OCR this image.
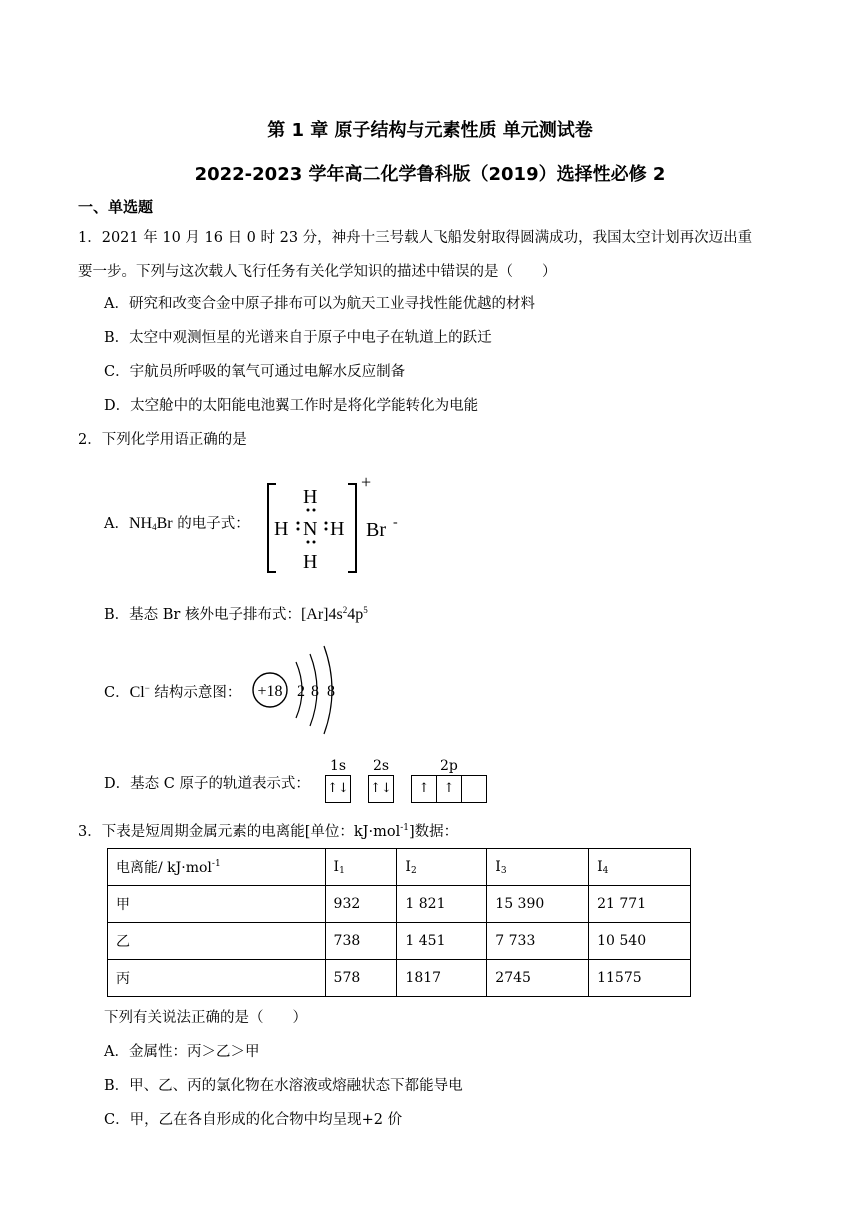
第 1 章 原子结构与元素性质 单元测试卷
2022-2023 学年高二化学鲁科版（2019）选择性必修 2
一、单选题
1．2021 年 10 月 16 日 0 时 23 分，神舟十三号载人飞船发射取得圆满成功，我国太空计划再次迈出重
要一步。下列与这次载人飞行任务有关化学知识的描述中错误的是（　　）
A．研究和改变合金中原子排布可以为航天工业寻找性能优越的材料
B．太空中观测恒星的光谱来自于原子中电子在轨道上的跃迁
C．宇航员所呼吸的氧气可通过电解水反应制备
D．太空舱中的太阳能电池翼工作时是将化学能转化为电能
2．下列化学用语正确的是
A．$NH_4Br$ 的电子式：
H
H N H
H
+
Br -
B．基态 Br 核外电子排布式：$[Ar]4s^24p^5$
C．Cl− 结构示意图： +18 2 8 8
D．基态 C 原子的轨道表示式：
1s 2s	2p
↑↓ ↑↓	↑	↑
3．下表是短周期金属元素的电离能[单位：kJ·mol$^{-1}$]数据：
电离能/ kJ·mol$^{-1}$	$I_1$	$I_2$	$I_3$	$I_4$
甲	932	1 821	15 390	21 771
乙	738	1 451	7 733	10 540
丙	578	1817	2745	11575
下列有关说法正确的是（　　）
A．金属性：丙＞乙＞甲
B．甲、乙、丙的氯化物在水溶液或熔融状态下都能导电
C．甲，乙在各自形成的化合物中均呈现+2 价
